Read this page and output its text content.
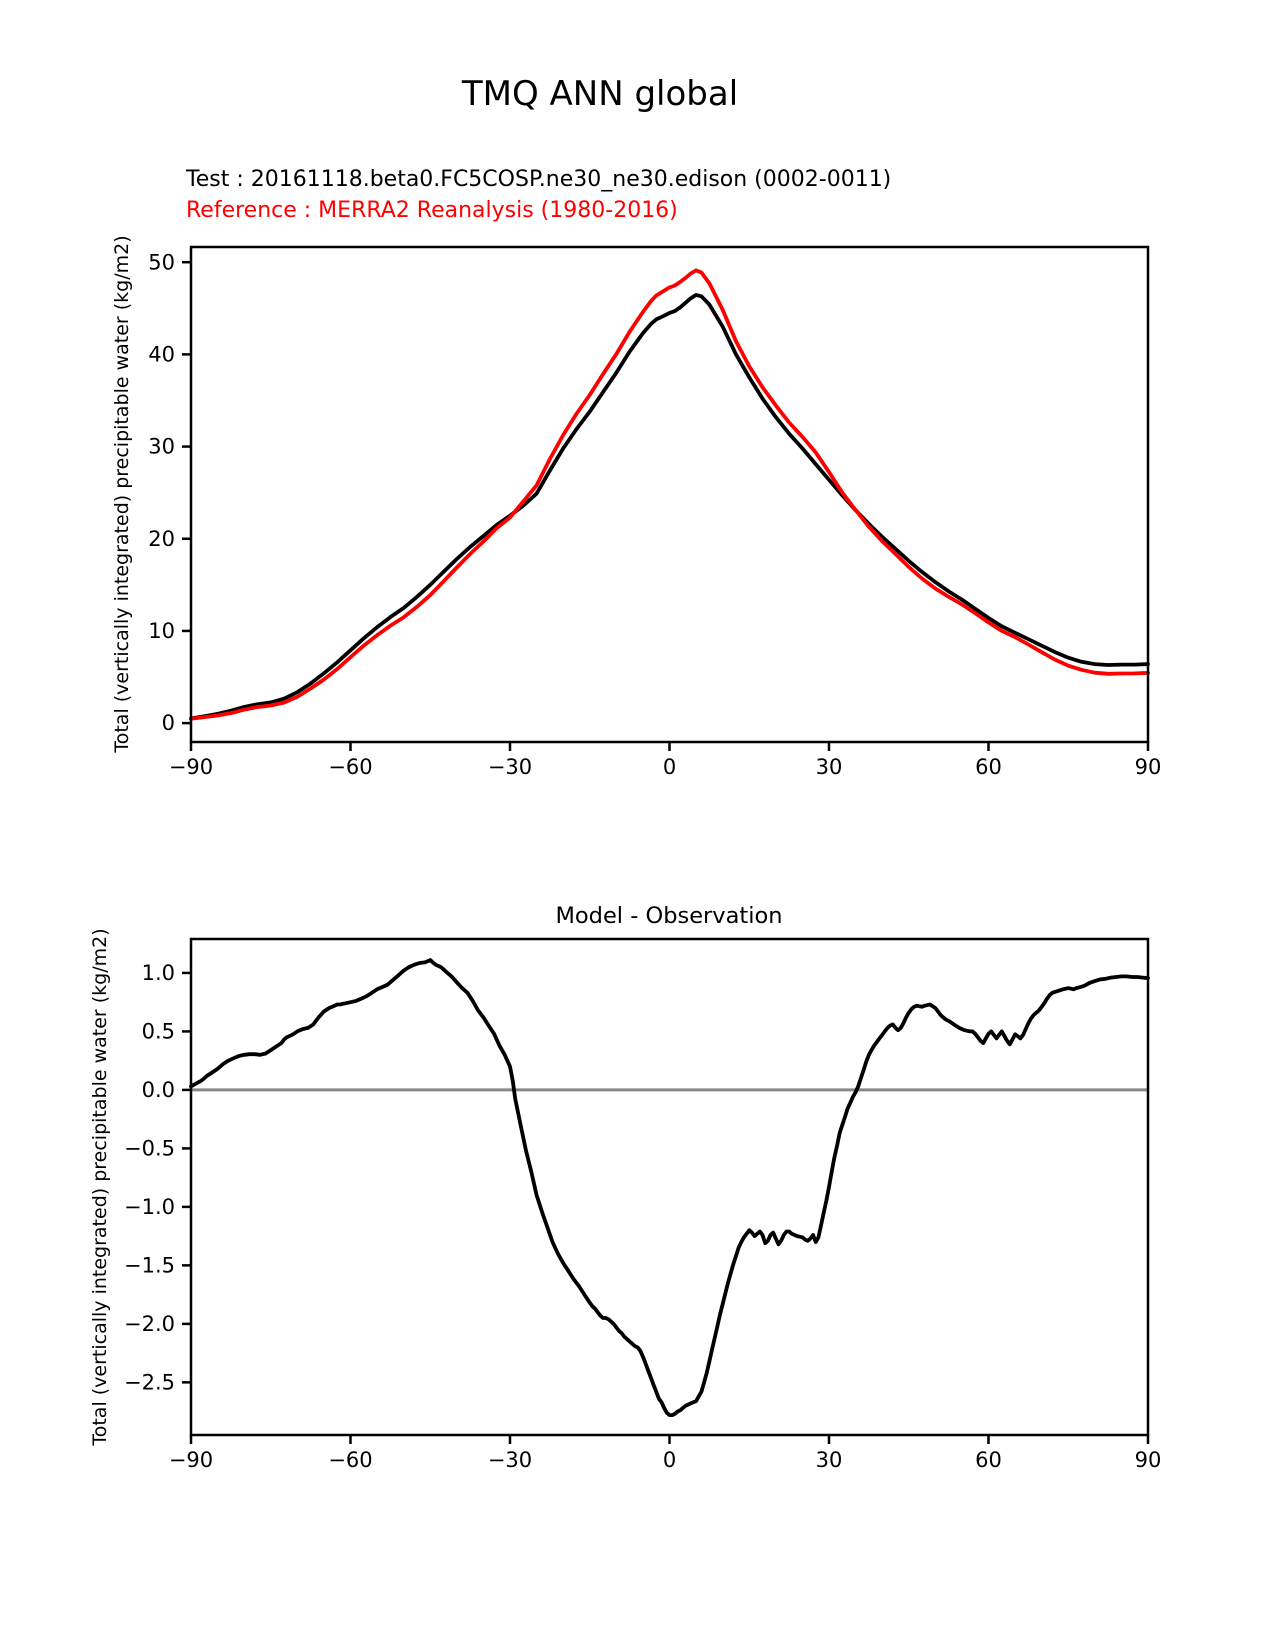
−90	−60	−30	0	30	60	90
0
10
20
30
40
50
−90	−60	−30	0	30	60	90
1.0
0.5
0.0
−0.5
−1.0
−1.5
−2.0
−2.5
TMQ ANN global
Test : 20161118.beta0.FC5COSP.ne30_ne30.edison (0002-0011)
Reference : MERRA2 Reanalysis (1980-2016)
Total (vertically integrated) precipitable water (kg/m2)
Model - Observation
Total (vertically integrated) precipitable water (kg/m2)
